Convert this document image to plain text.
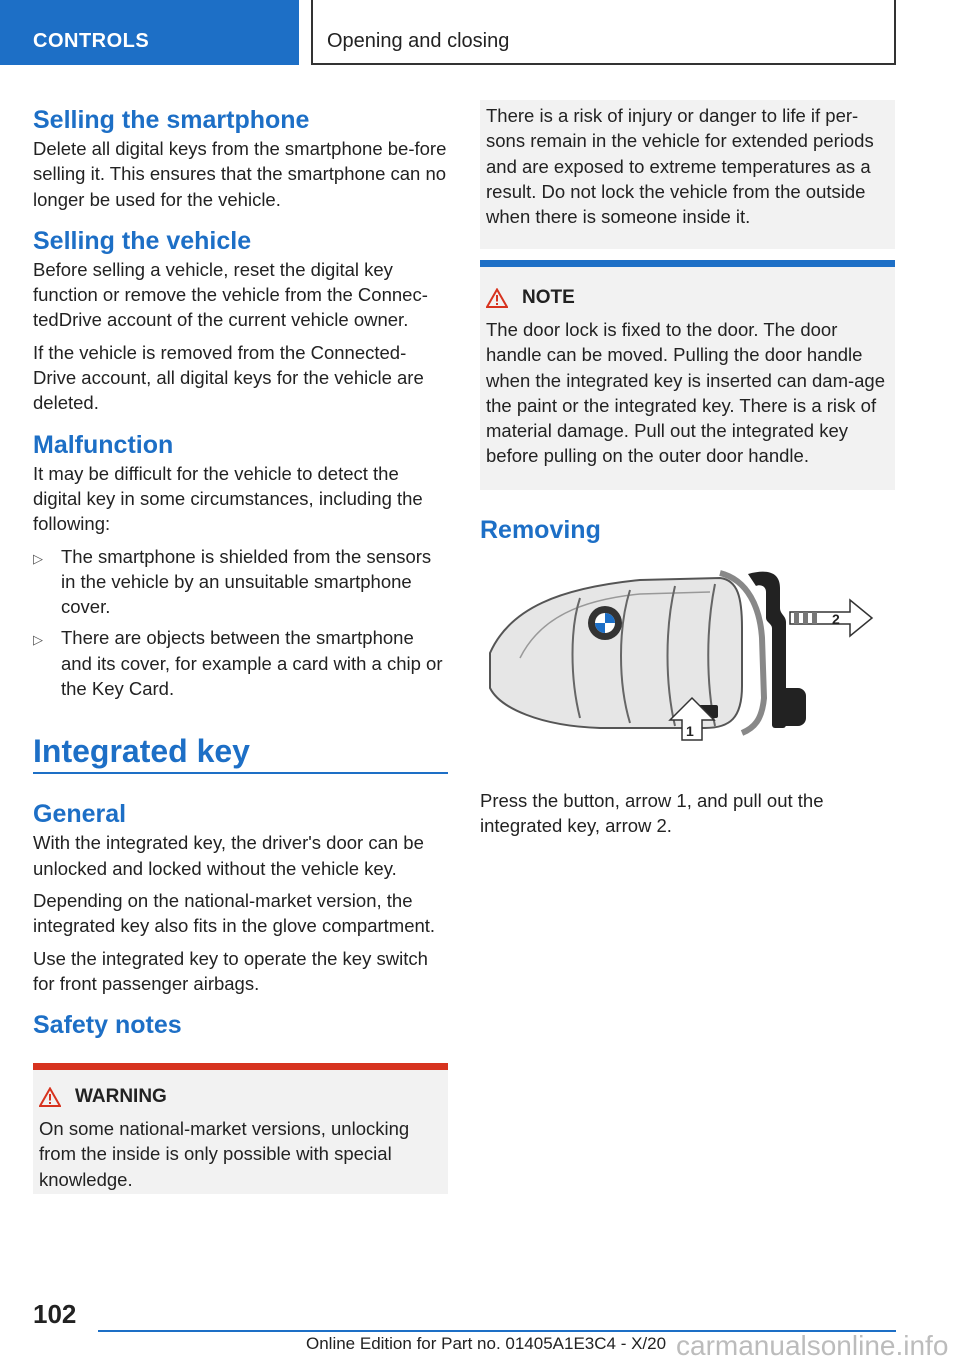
CONTROLS	Opening and closing
Selling the smartphone

Delete all digital keys from the smartphone be-fore selling it. This ensures that the smartphone can no longer be used for the vehicle.

Selling the vehicle

Before selling a vehicle, reset the digital key function or remove the vehicle from the Connec-tedDrive account of the current vehicle owner.

If the vehicle is removed from the Connected-Drive account, all digital keys for the vehicle are deleted.

Malfunction

It may be difficult for the vehicle to detect the digital key in some circumstances, including the following:

▷ The smartphone is shielded from the sensors in the vehicle by an unsuitable smartphone cover.
▷ There are objects between the smartphone and its cover, for example a card with a chip or the Key Card.
Integrated key
General

With the integrated key, the driver's door can be unlocked and locked without the vehicle key.

Depending on the national-market version, the integrated key also fits in the glove compartment.

Use the integrated key to operate the key switch for front passenger airbags.

Safety notes
WARNING

On some national-market versions, unlocking from the inside is only possible with special knowledge.

There is a risk of injury or danger to life if per-sons remain in the vehicle for extended periods and are exposed to extreme temperatures as a result. Do not lock the vehicle from the outside when there is someone inside it.

NOTE

The door lock is fixed to the door. The door handle can be moved. Pulling the door handle when the integrated key is inserted can dam-age the paint or the integrated key. There is a risk of material damage. Pull out the integrated key before pulling on the outer door handle.

Removing
2
1

Press the button, arrow 1, and pull out the integrated key, arrow 2.

102
Online Edition for Part no. 01405A1E3C4 - X/20 carmanualsonline.info
